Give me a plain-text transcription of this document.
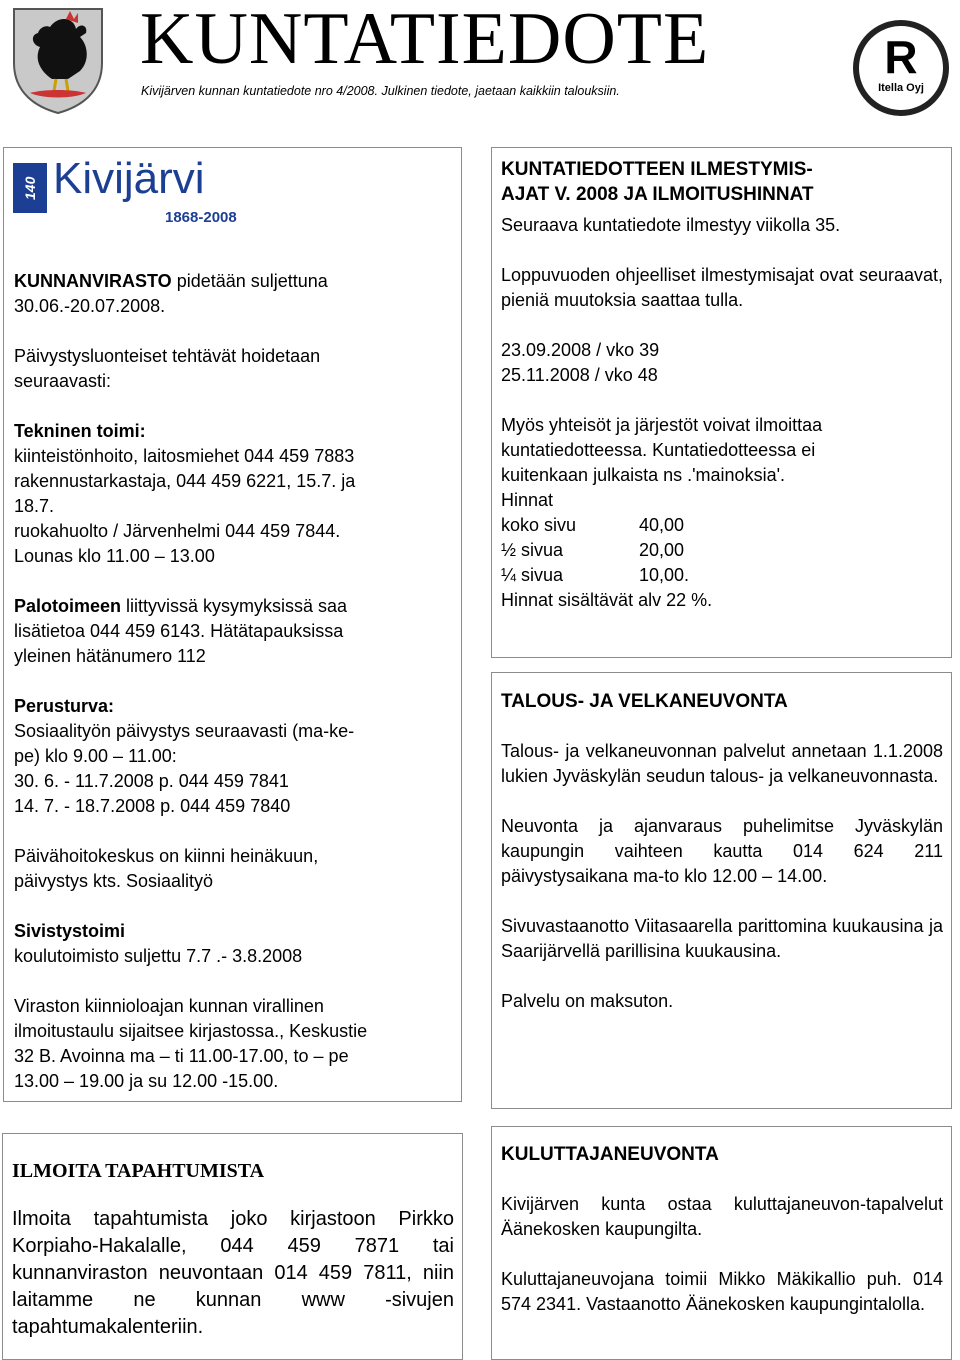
KUNTATIEDOTE
Kivijärven kunnan kuntatiedote nro 4/2008. Julkinen tiedote, jaetaan kaikkiin talouksiin.
R
Itella Oyj
140 Kivijärvi
1868-2008

KUNNANVIRASTO pidetään suljettuna

30.06.-20.07.2008.

Päivystysluonteiset tehtävät hoidetaan

seuraavasti:

Tekninen toimi:

kiinteistönhoito, laitosmiehet 044 459 7883

rakennustarkastaja, 044 459 6221, 15.7. ja

18.7.

ruokahuolto / Järvenhelmi 044 459 7844.

Lounas klo 11.00 – 13.00

Palotoimeen liittyvissä kysymyksissä saa

lisätietoa 044 459 6143. Hätätapauksissa

yleinen hätänumero 112

Perusturva:

Sosiaalityön päivystys seuraavasti (ma-ke-

pe) klo 9.00 – 11.00:

30. 6. - 11.7.2008 p. 044 459 7841

14. 7. - 18.7.2008 p. 044 459 7840

Päivähoitokeskus on kiinni heinäkuun,

päivystys kts. Sosiaalityö

Sivistystoimi

koulutoimisto suljettu 7.7 .- 3.8.2008

Viraston kiinnioloajan kunnan virallinen

ilmoitustaulu sijaitsee kirjastossa., Keskustie

32 B. Avoinna ma – ti 11.00-17.00, to – pe

13.00 – 19.00 ja su 12.00 -15.00.

KUNTATIEDOTTEEN ILMESTYMIS-

AJAT V. 2008 JA ILMOITUSHINNAT

Seuraava kuntatiedote ilmestyy viikolla 35.

Loppuvuoden ohjeelliset ilmestymisajat ovat seuraavat, pieniä muutoksia saattaa tulla.

23.09.2008 / vko 39

25.11.2008 / vko 48

Myös yhteisöt ja järjestöt voivat ilmoittaa

kuntatiedotteessa. Kuntatiedotteessa ei

kuitenkaan julkaista ns .'mainoksia'.

Hinnat

koko sivu	40,00
½ sivua	20,00
¼ sivua	10,00.

Hinnat sisältävät alv 22 %.

TALOUS- JA VELKANEUVONTA

Talous- ja velkaneuvonnan palvelut annetaan 1.1.2008 lukien Jyväskylän seudun talous- ja velkaneuvonnasta.

Neuvonta ja ajanvaraus puhelimitse Jyväskylän kaupungin vaihteen kautta 014 624 211 päivystysaikana ma-to klo 12.00 – 14.00.

Sivuvastaanotto Viitasaarella parittomina kuukausina ja Saarijärvellä parillisina kuukausina.

Palvelu on maksuton.

ILMOITA TAPAHTUMISTA

Ilmoita tapahtumista joko kirjastoon Pirkko Korpiaho-Hakalalle, 044 459 7871 tai kunnanviraston neuvontaan 014 459 7811, niin laitamme ne kunnan www -sivujen tapahtumakalenteriin.

KULUTTAJANEUVONTA

Kivijärven kunta ostaa kuluttajaneuvon-tapalvelut Äänekosken kaupungilta.

Kuluttajaneuvojana toimii Mikko Mäkikallio puh. 014 574 2341. Vastaanotto Äänekosken kaupungintalolla.
